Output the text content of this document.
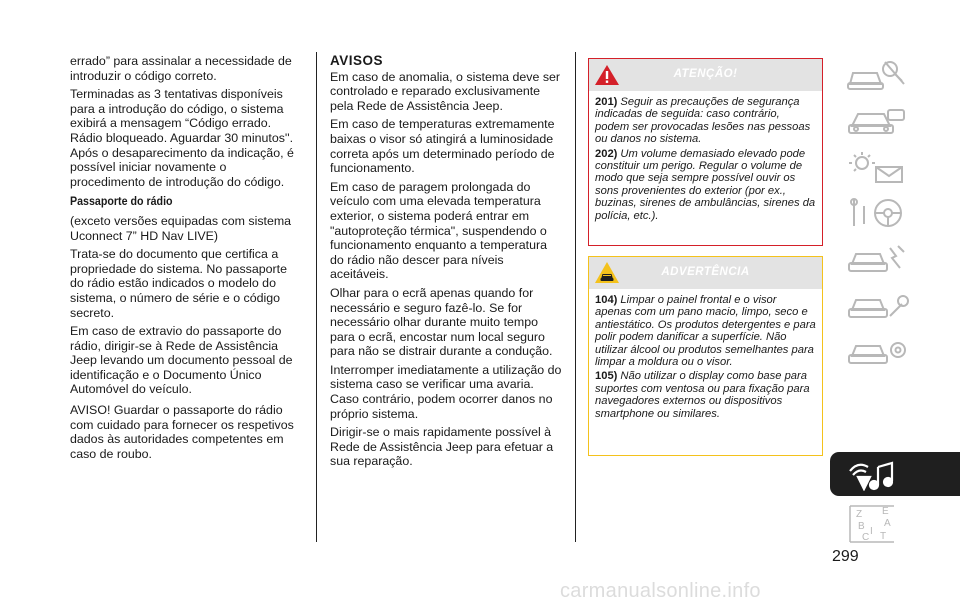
errado” para assinalar a necessidade de introduzir o código correto.

Terminadas as 3 tentativas disponíveis para a introdução do código, o sistema exibirá a mensagem “Código errado. Rádio bloqueado. Aguardar 30 minutos''. Após o desaparecimento da indicação, é possível iniciar novamente o procedimento de introdução do código.

Passaporte do rádio

(exceto versões equipadas com sistema Uconnect 7” HD Nav LIVE)

Trata-se do documento que certifica a propriedade do sistema. No passaporte do rádio estão indicados o modelo do sistema, o número de série e o código secreto.

Em caso de extravio do passaporte do rádio, dirigir-se à Rede de Assistência Jeep levando um documento pessoal de identificação e o Documento Único Automóvel do veículo.

AVISO! Guardar o passaporte do rádio com cuidado para fornecer os respetivos dados às autoridades competentes em caso de roubo.

AVISOS

Em caso de anomalia, o sistema deve ser controlado e reparado exclusivamente pela Rede de Assistência Jeep.

Em caso de temperaturas extremamente baixas o visor só atingirá a luminosidade correta após um determinado período de funcionamento.

Em caso de paragem prolongada do veículo com uma elevada temperatura exterior, o sistema poderá entrar em "autoproteção térmica", suspendendo o funcionamento enquanto a temperatura do rádio não descer para níveis aceitáveis.

Olhar para o ecrã apenas quando for necessário e seguro fazê-lo. Se for necessário olhar durante muito tempo para o ecrã, encostar num local seguro para não se distrair durante a condução.

Interromper imediatamente a utilização do sistema caso se verificar uma avaria. Caso contrário, podem ocorrer danos no próprio sistema.

Dirigir-se o mais rapidamente possível à Rede de Assistência Jeep para efetuar a sua reparação.

ATENÇÃO!
201) Seguir as precauções de segurança indicadas de seguida: caso contrário, podem ser provocadas lesões nas pessoas ou danos no sistema.
202) Um volume demasiado elevado pode constituir um perigo. Regular o volume de modo que seja sempre possível ouvir os sons provenientes do exterior (por ex., buzinas, sirenes de ambulâncias, sirenes da polícia, etc.).
ADVERTÊNCIA
104) Limpar o painel frontal e o visor apenas com um pano macio, limpo, seco e antiestático. Os produtos detergentes e para polir podem danificar a superfície. Não utilizar álcool ou produtos semelhantes para limpar a moldura ou o visor.
105) Não utilizar o display como base para suportes com ventosa ou para fixação para navegadores externos ou dispositivos smartphone ou similares.
Z E
B A
I
C T
299
carmanualsonline.info
